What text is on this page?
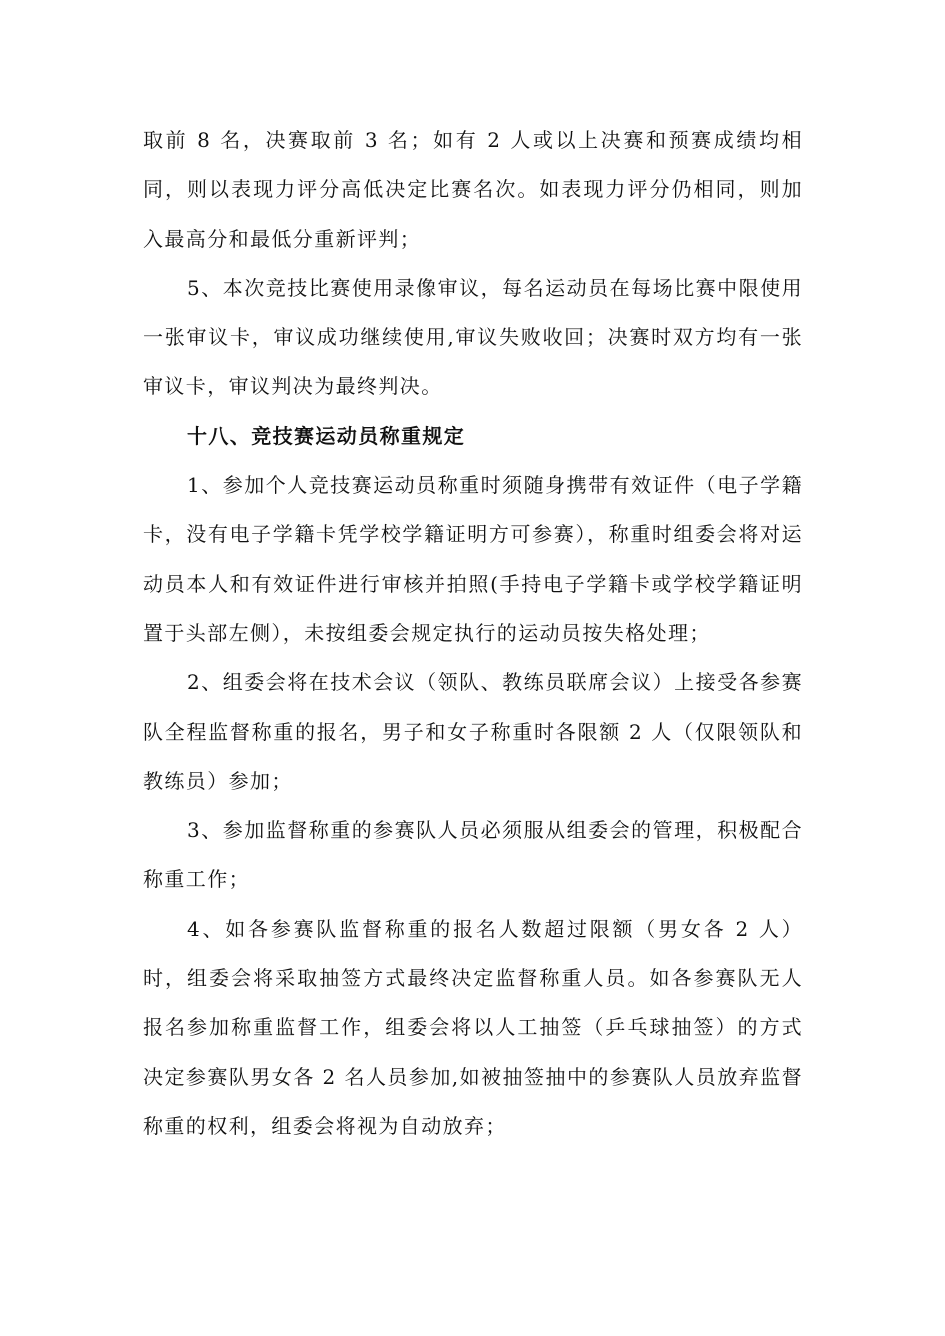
取前 8 名，决赛取前 3 名；如有 2 人或以上决赛和预赛成绩均相同，则以表现力评分高低决定比赛名次。如表现力评分仍相同，则加入最高分和最低分重新评判；

5、本次竞技比赛使用录像审议，每名运动员在每场比赛中限使用一张审议卡，审议成功继续使用,审议失败收回；决赛时双方均有一张审议卡，审议判决为最终判决。

十八、竞技赛运动员称重规定

1、参加个人竞技赛运动员称重时须随身携带有效证件（电子学籍卡，没有电子学籍卡凭学校学籍证明方可参赛），称重时组委会将对运动员本人和有效证件进行审核并拍照(手持电子学籍卡或学校学籍证明置于头部左侧），未按组委会规定执行的运动员按失格处理；

2、组委会将在技术会议（领队、教练员联席会议）上接受各参赛队全程监督称重的报名，男子和女子称重时各限额 2 人（仅限领队和教练员）参加；

3、参加监督称重的参赛队人员必须服从组委会的管理，积极配合称重工作；

4、如各参赛队监督称重的报名人数超过限额（男女各 2 人）时，组委会将采取抽签方式最终决定监督称重人员。如各参赛队无人报名参加称重监督工作，组委会将以人工抽签（乒乓球抽签）的方式决定参赛队男女各 2 名人员参加,如被抽签抽中的参赛队人员放弃监督称重的权利，组委会将视为自动放弃；
